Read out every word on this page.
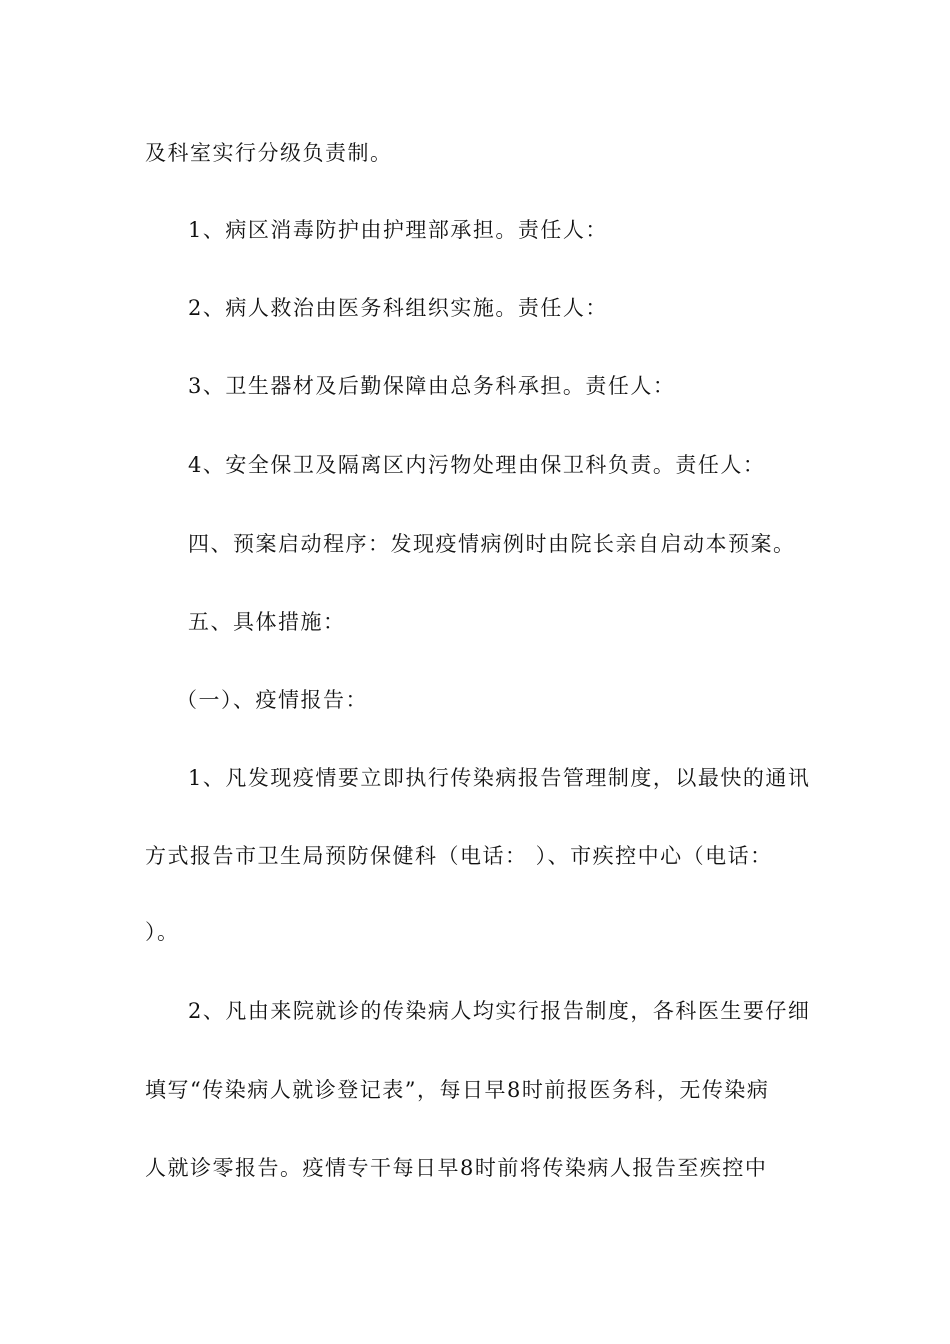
及科室实行分级负责制。
1、病区消毒防护由护理部承担。责任人：
2、病人救治由医务科组织实施。责任人：
3、卫生器材及后勤保障由总务科承担。责任人：
4、安全保卫及隔离区内污物处理由保卫科负责。责任人：
四、预案启动程序：发现疫情病例时由院长亲自启动本预案。
五、具体措施：
（一）、疫情报告：
1、凡发现疫情要立即执行传染病报告管理制度，以最快的通讯
方式报告市卫生局预防保健科（电话： ）、市疾控中心（电话：
）。
2、凡由来院就诊的传染病人均实行报告制度，各科医生要仔细
填写“传染病人就诊登记表”，每日早8时前报医务科，无传染病
人就诊零报告。疫情专干每日早8时前将传染病人报告至疾控中
